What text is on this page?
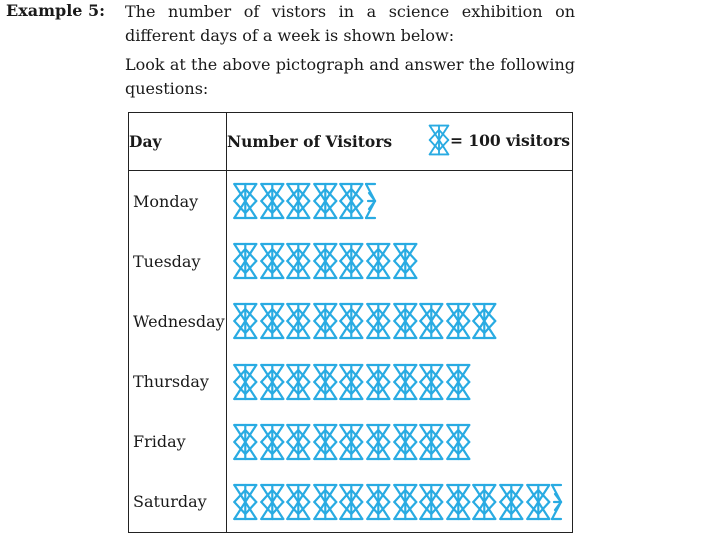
Example 5: The number of vistors in a science exhibition on different days of a week is shown below:
Look at the above pictograph and answer the following questions:
Day	Number of Visitors = 100 visitors

Monday	

Tuesday	

Wednesday	

Thursday	

Friday	

Saturday	
